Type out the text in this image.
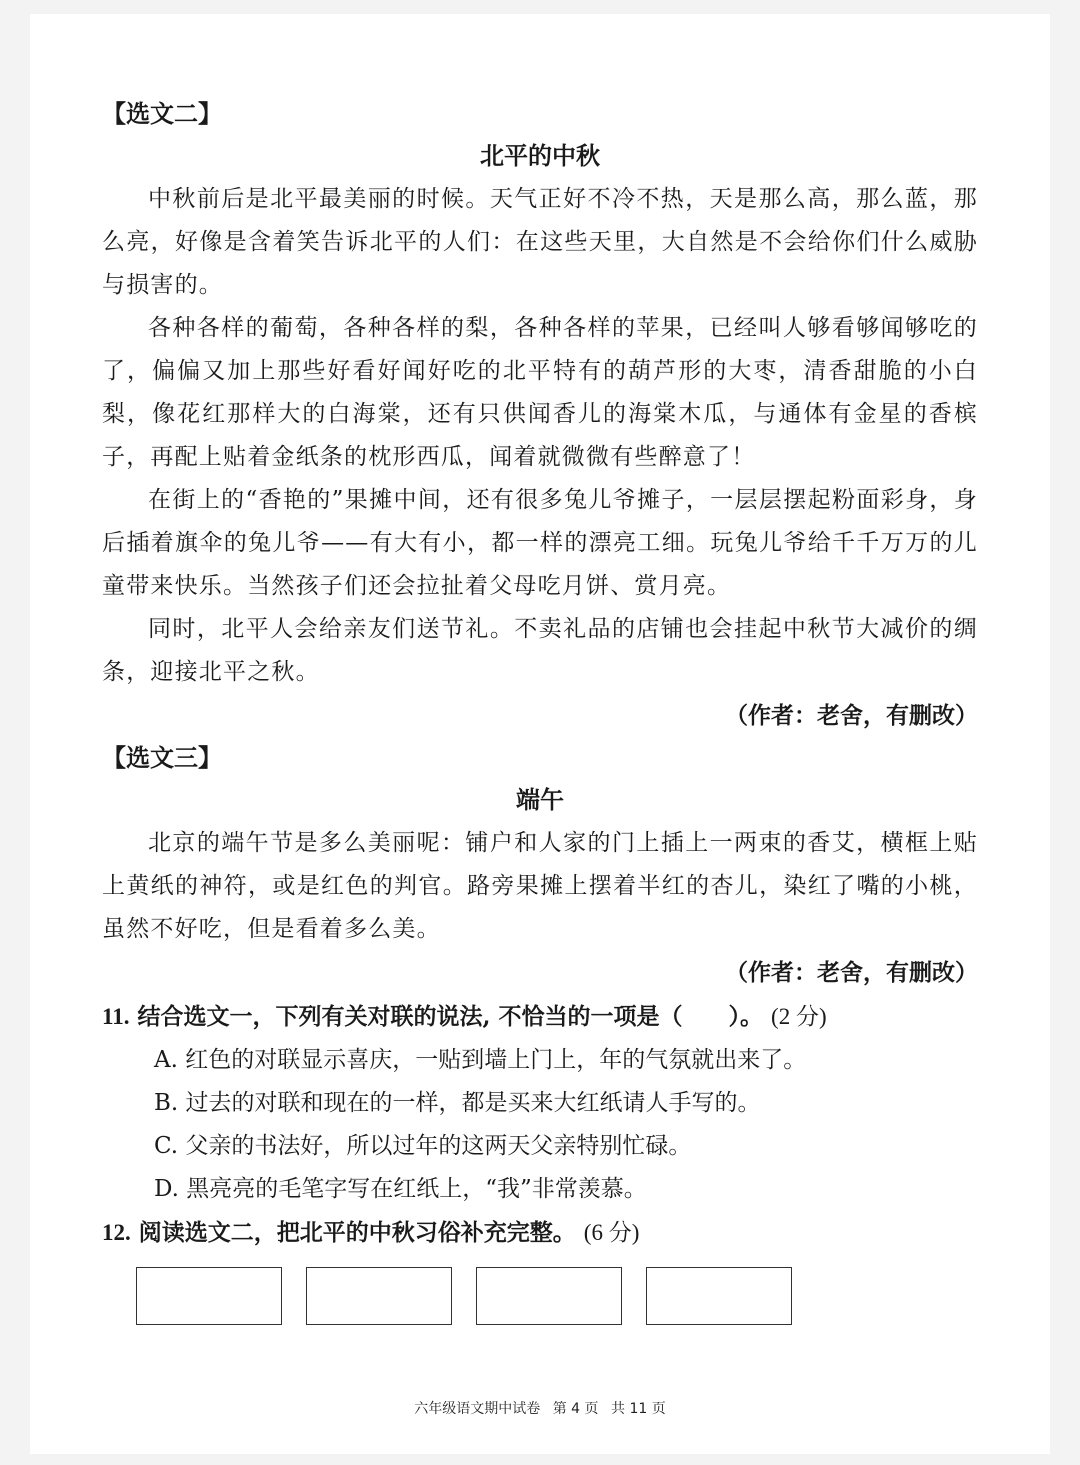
【选文二】
北平的中秋

中秋前后是北平最美丽的时候。天气正好不冷不热，天是那么高，那么蓝，那么亮，好像是含着笑告诉北平的人们：在这些天里，大自然是不会给你们什么威胁与损害的。

各种各样的葡萄，各种各样的梨，各种各样的苹果，已经叫人够看够闻够吃的了，偏偏又加上那些好看好闻好吃的北平特有的葫芦形的大枣，清香甜脆的小白梨，像花红那样大的白海棠，还有只供闻香儿的海棠木瓜，与通体有金星的香槟子，再配上贴着金纸条的枕形西瓜，闻着就微微有些醉意了！

在街上的“香艳的”果摊中间，还有很多兔儿爷摊子，一层层摆起粉面彩身，身后插着旗伞的兔儿爷——有大有小，都一样的漂亮工细。玩兔儿爷给千千万万的儿童带来快乐。当然孩子们还会拉扯着父母吃月饼、赏月亮。

同时，北平人会给亲友们送节礼。不卖礼品的店铺也会挂起中秋节大减价的绸条，迎接北平之秋。

（作者：老舍，有删改）
【选文三】
端午

北京的端午节是多么美丽呢：铺户和人家的门上插上一两束的香艾，横框上贴上黄纸的神符，或是红色的判官。路旁果摊上摆着半红的杏儿，染红了嘴的小桃，虽然不好吃，但是看着多么美。

（作者：老舍，有删改）
11. 结合选文一，下列有关对联的说法, 不恰当的一项是（　　）。 (2 分)
A. 红色的对联显示喜庆，一贴到墙上门上，年的气氛就出来了。
B. 过去的对联和现在的一样，都是买来大红纸请人手写的。
C. 父亲的书法好，所以过年的这两天父亲特别忙碌。
D. 黑亮亮的毛笔字写在红纸上，“我”非常羡慕。
12. 阅读选文二，把北平的中秋习俗补充完整。 (6 分)
六年级语文期中试卷 第 4 页 共 11 页
